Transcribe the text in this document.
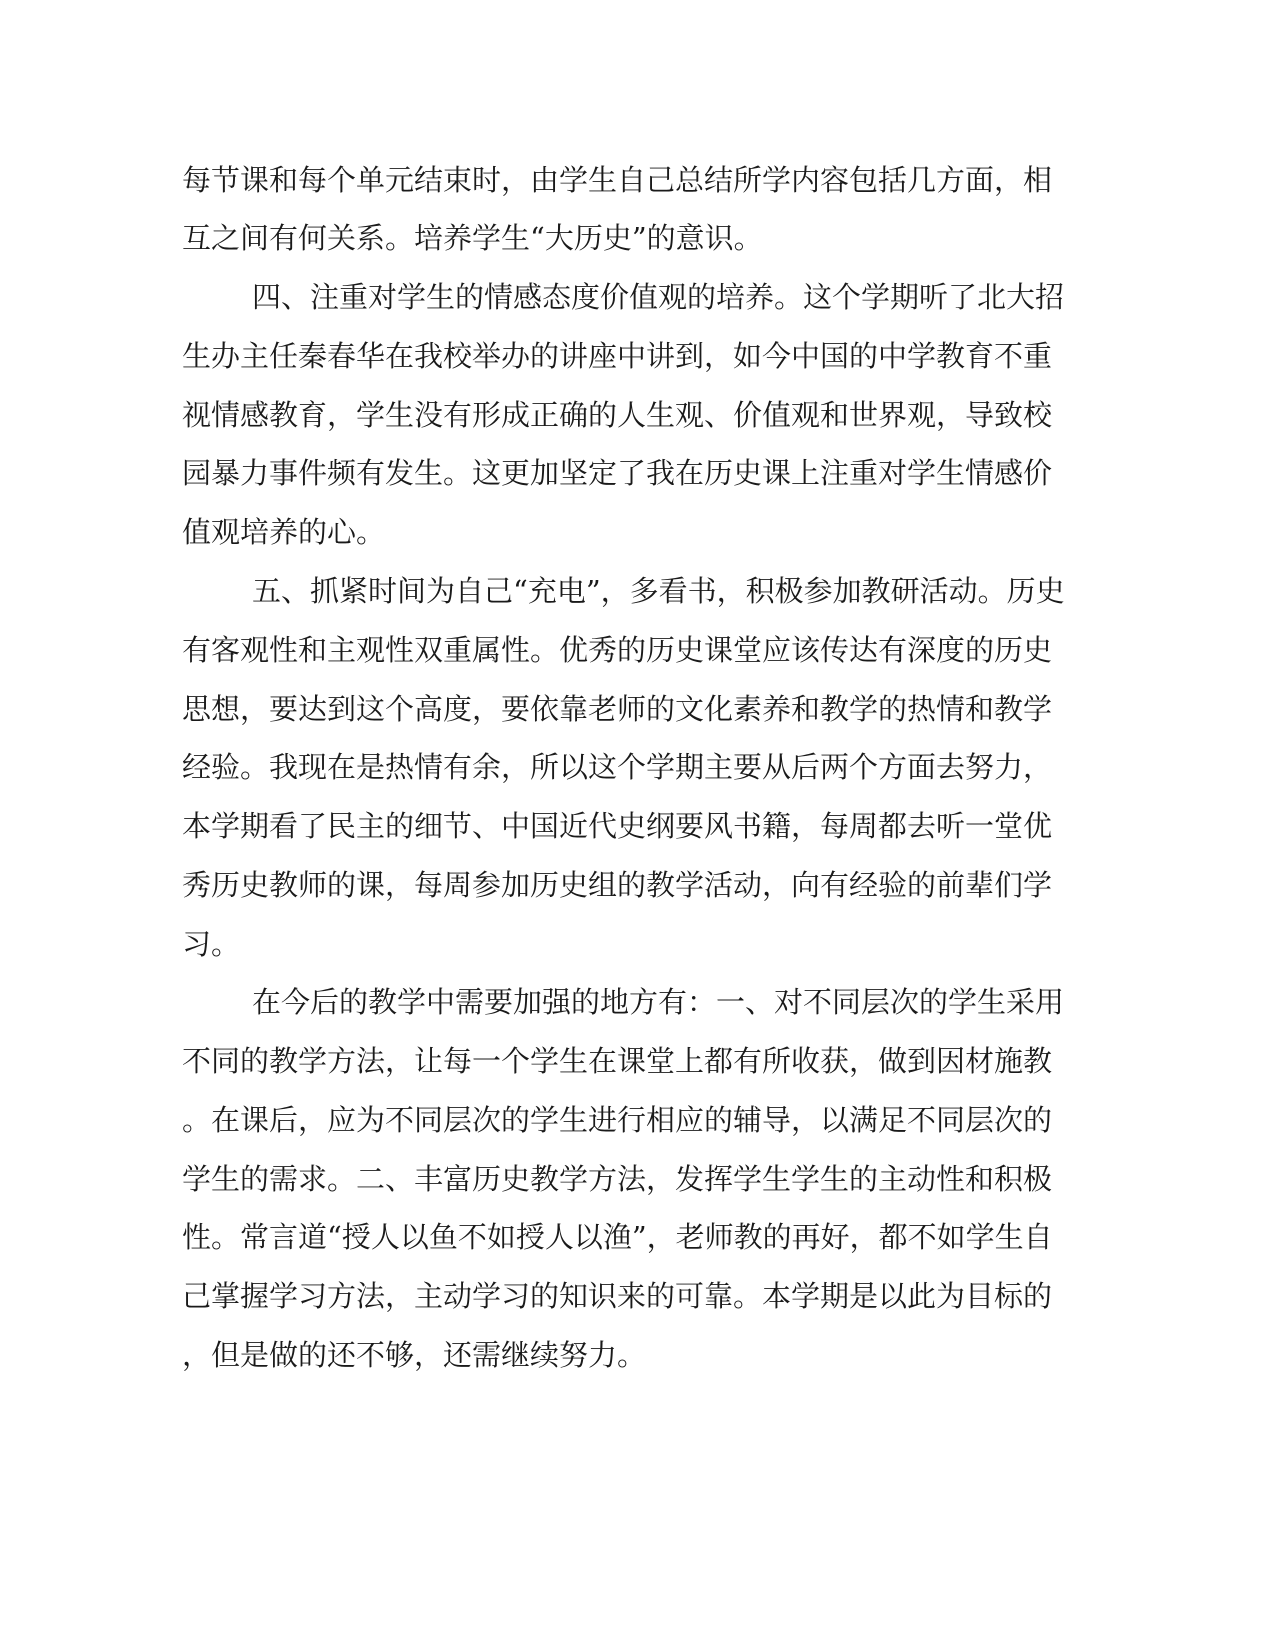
每节课和每个单元结束时，由学生自己总结所学内容包括几方面，相

互之间有何关系。培养学生“大历史”的意识。

四、注重对学生的情感态度价值观的培养。这个学期听了北大招

生办主任秦春华在我校举办的讲座中讲到，如今中国的中学教育不重

视情感教育，学生没有形成正确的人生观、价值观和世界观，导致校

园暴力事件频有发生。这更加坚定了我在历史课上注重对学生情感价

值观培养的心。

五、抓紧时间为自己“充电”，多看书，积极参加教研活动。历史

有客观性和主观性双重属性。优秀的历史课堂应该传达有深度的历史

思想，要达到这个高度，要依靠老师的文化素养和教学的热情和教学

经验。我现在是热情有余，所以这个学期主要从后两个方面去努力，

本学期看了民主的细节、中国近代史纲要风书籍，每周都去听一堂优

秀历史教师的课，每周参加历史组的教学活动，向有经验的前辈们学

习。

在今后的教学中需要加强的地方有：一、对不同层次的学生采用

不同的教学方法，让每一个学生在课堂上都有所收获，做到因材施教

。在课后，应为不同层次的学生进行相应的辅导，以满足不同层次的

学生的需求。二、丰富历史教学方法，发挥学生学生的主动性和积极

性。常言道“授人以鱼不如授人以渔”，老师教的再好，都不如学生自

己掌握学习方法，主动学习的知识来的可靠。本学期是以此为目标的

，但是做的还不够，还需继续努力。
